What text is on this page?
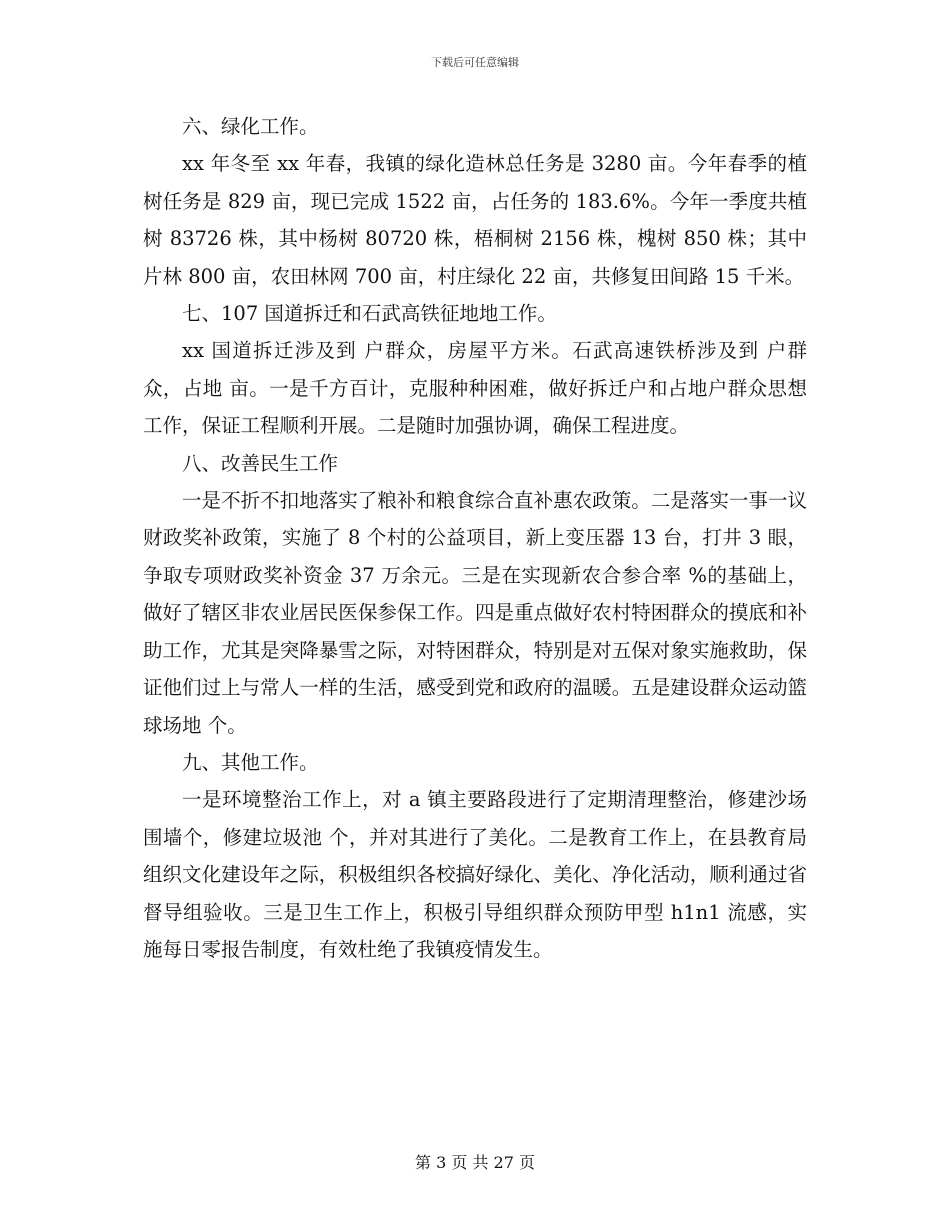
下载后可任意编辑

六、绿化工作。

xx 年冬至 xx 年春，我镇的绿化造林总任务是 3280 亩。今年春季的植树任务是 829 亩，现已完成 1522 亩，占任务的 183.6%。今年一季度共植树 83726 株，其中杨树 80720 株，梧桐树 2156 株，槐树 850 株；其中片林 800 亩，农田林网 700 亩，村庄绿化 22 亩，共修复田间路 15 千米。

七、107 国道拆迁和石武高铁征地地工作。

xx 国道拆迁涉及到 户群众，房屋平方米。石武高速铁桥涉及到 户群众，占地 亩。一是千方百计，克服种种困难，做好拆迁户和占地户群众思想工作，保证工程顺利开展。二是随时加强协调，确保工程进度。

八、改善民生工作

一是不折不扣地落实了粮补和粮食综合直补惠农政策。二是落实一事一议财政奖补政策，实施了 8 个村的公益项目，新上变压器 13 台，打井 3 眼，争取专项财政奖补资金 37 万余元。三是在实现新农合参合率 %的基础上，做好了辖区非农业居民医保参保工作。四是重点做好农村特困群众的摸底和补助工作，尤其是突降暴雪之际，对特困群众，特别是对五保对象实施救助，保证他们过上与常人一样的生活，感受到党和政府的温暖。五是建设群众运动篮球场地 个。

九、其他工作。

一是环境整治工作上，对 a 镇主要路段进行了定期清理整治，修建沙场围墙个，修建垃圾池 个，并对其进行了美化。二是教育工作上，在县教育局组织文化建设年之际，积极组织各校搞好绿化、美化、净化活动，顺利通过省督导组验收。三是卫生工作上，积极引导组织群众预防甲型 h1n1 流感，实施每日零报告制度，有效杜绝了我镇疫情发生。

第 3 页 共 27 页
